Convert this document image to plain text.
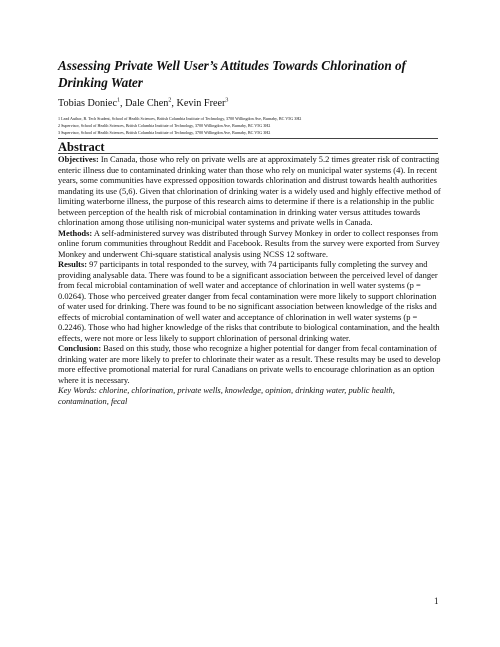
Assessing Private Well User’s Attitudes Towards Chlorination of Drinking Water
Tobias Doniec$^1$, Dale Chen$^2$, Kevin Freer$^3$
1 Lead Author, B. Tech Student, School of Health Sciences, British Columbia Institute of Technology, 3700 Willingdon Ave, Burnaby, BC V5G 3H2
2 Supervisor, School of Health Sciences, British Columbia Institute of Technology, 3700 Willingdon Ave, Burnaby, BC V5G 3H2
3 Supervisor, School of Health Sciences, British Columbia Institute of Technology, 3700 Willingdon Ave, Burnaby, BC V5G 3H2
Abstract

Objectives: In Canada, those who rely on private wells are at approximately 5.2 times greater risk of contracting enteric illness due to contaminated drinking water than those who rely on municipal water systems (4). In recent years, some communities have expressed opposition towards chlorination and distrust towards health authorities mandating its use (5,6). Given that chlorination of drinking water is a widely used and highly effective method of limiting waterborne illness, the purpose of this research aims to determine if there is a relationship in the public between perception of the health risk of microbial contamination in drinking water versus attitudes towards chlorination among those utilising non-municipal water systems and private wells in Canada.

Methods: A self-administered survey was distributed through Survey Monkey in order to collect responses from online forum communities throughout Reddit and Facebook. Results from the survey were exported from Survey Monkey and underwent Chi-square statistical analysis using NCSS 12 software.

Results: 97 participants in total responded to the survey, with 74 participants fully completing the survey and providing analysable data. There was found to be a significant association between the perceived level of danger from fecal microbial contamination of well water and acceptance of chlorination in well water systems (p = 0.0264). Those who perceived greater danger from fecal contamination were more likely to support chlorination of water used for drinking. There was found to be no significant association between knowledge of the risks and effects of microbial contamination of well water and acceptance of chlorination in well water systems (p = 0.2246). Those who had higher knowledge of the risks that contribute to biological contamination, and the health effects, were not more or less likely to support chlorination of personal drinking water.

Conclusion: Based on this study, those who recognize a higher potential for danger from fecal contamination of drinking water are more likely to prefer to chlorinate their water as a result. These results may be used to develop more effective promotional material for rural Canadians on private wells to encourage chlorination as an option where it is necessary.

Key Words: chlorine, chlorination, private wells, knowledge, opinion, drinking water, public health, contamination, fecal

1
